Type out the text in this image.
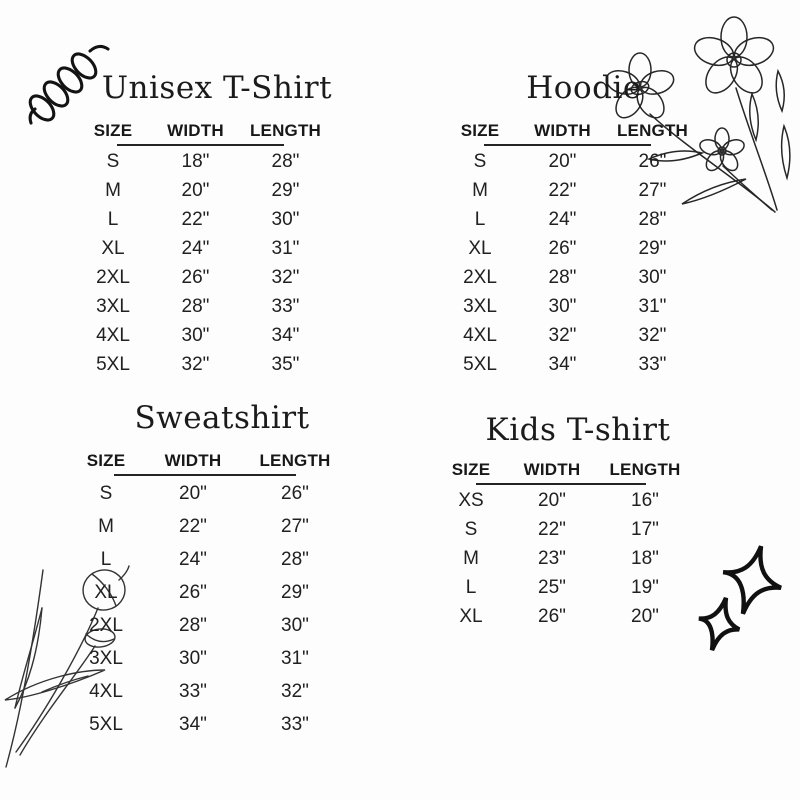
Unisex T-Shirt
SIZE	WIDTH	LENGTH

S	18"	28"
M	20"	29"
L	22"	30"
XL	24"	31"
2XL	26"	32"
3XL	28"	33"
4XL	30"	34"
5XL	32"	35"
Hoodie
SIZE	WIDTH	LENGTH

S	20"	26"
M	22"	27"
L	24"	28"
XL	26"	29"
2XL	28"	30"
3XL	30"	31"
4XL	32"	32"
5XL	34"	33"
Sweatshirt
SIZE	WIDTH	LENGTH

S	20"	26"
M	22"	27"
L	24"	28"
XL	26"	29"
2XL	28"	30"
3XL	30"	31"
4XL	33"	32"
5XL	34"	33"
Kids T-shirt
SIZE	WIDTH	LENGTH

XS	20"	16"
S	22"	17"
M	23"	18"
L	25"	19"
XL	26"	20"
